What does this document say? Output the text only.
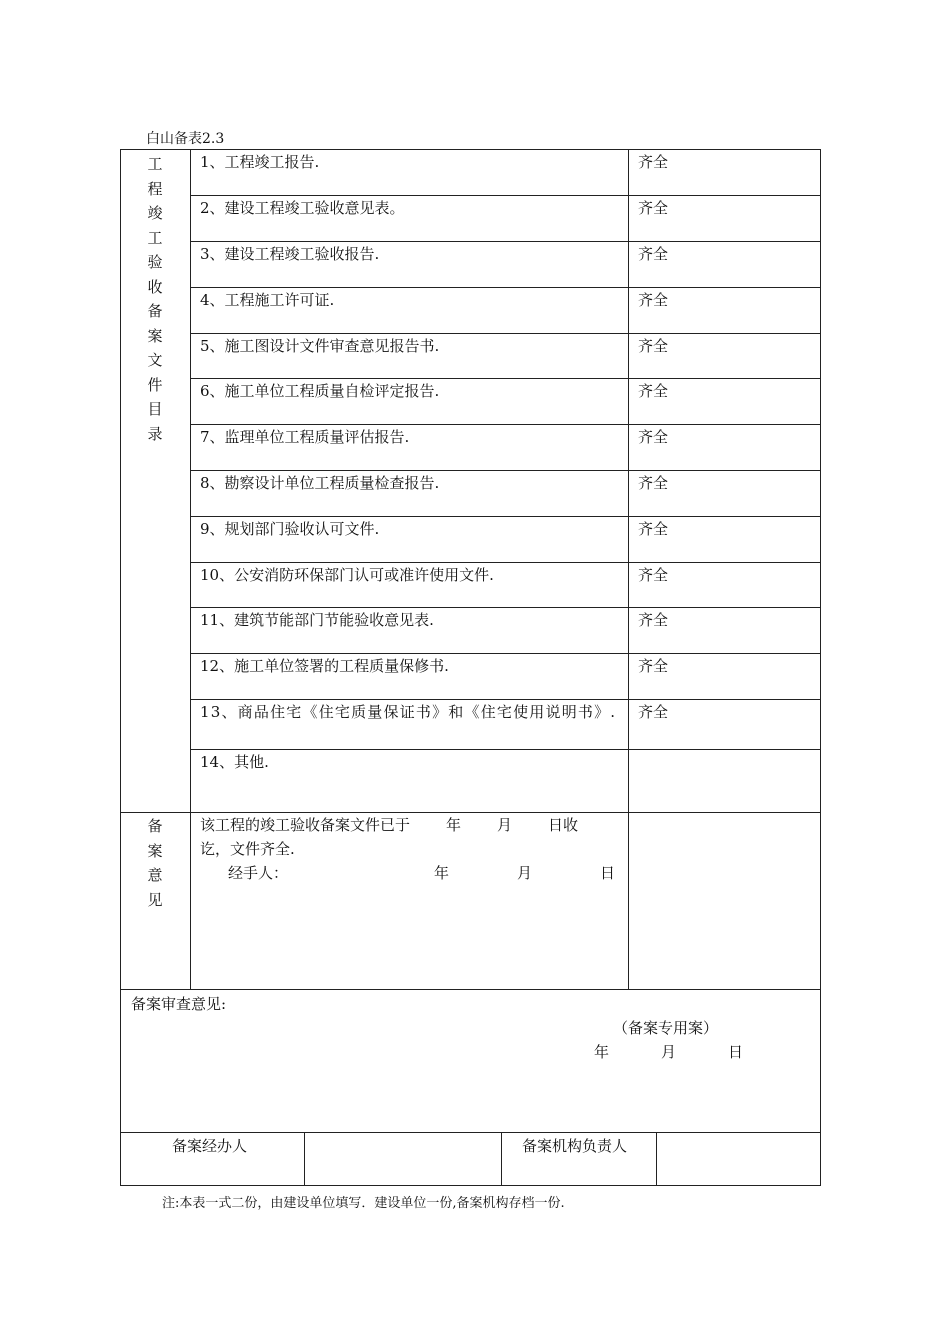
白山备表2.3
工
程
竣
工
验
收
备
案
文
件
目
录
1、工程竣工报告.	齐全
2、建设工程竣工验收意见表。	齐全
3、建设工程竣工验收报告.	齐全
4、工程施工许可证.	齐全
5、施工图设计文件审查意见报告书.	齐全
6、施工单位工程质量自检评定报告.	齐全
7、监理单位工程质量评估报告.	齐全
8、勘察设计单位工程质量检查报告.	齐全
9、规划部门验收认可文件.	齐全
10、公安消防环保部门认可或准许使用文件.	齐全
11、建筑节能部门节能验收意见表.	齐全
12、施工单位签署的工程质量保修书.	齐全
13、商品住宅《住宅质量保证书》和《住宅使用说明书》. 齐全
14、其他.
备
案
意
见
该工程的竣工验收备案文件已于 年 月 日收
讫，文件齐全.
经手人：	年	月	日
备案审查意见:
（备案专用案）
年	月	日
备案经办人	备案机构负责人
注:本表一式二份，由建设单位填写．建设单位一份,备案机构存档一份.
